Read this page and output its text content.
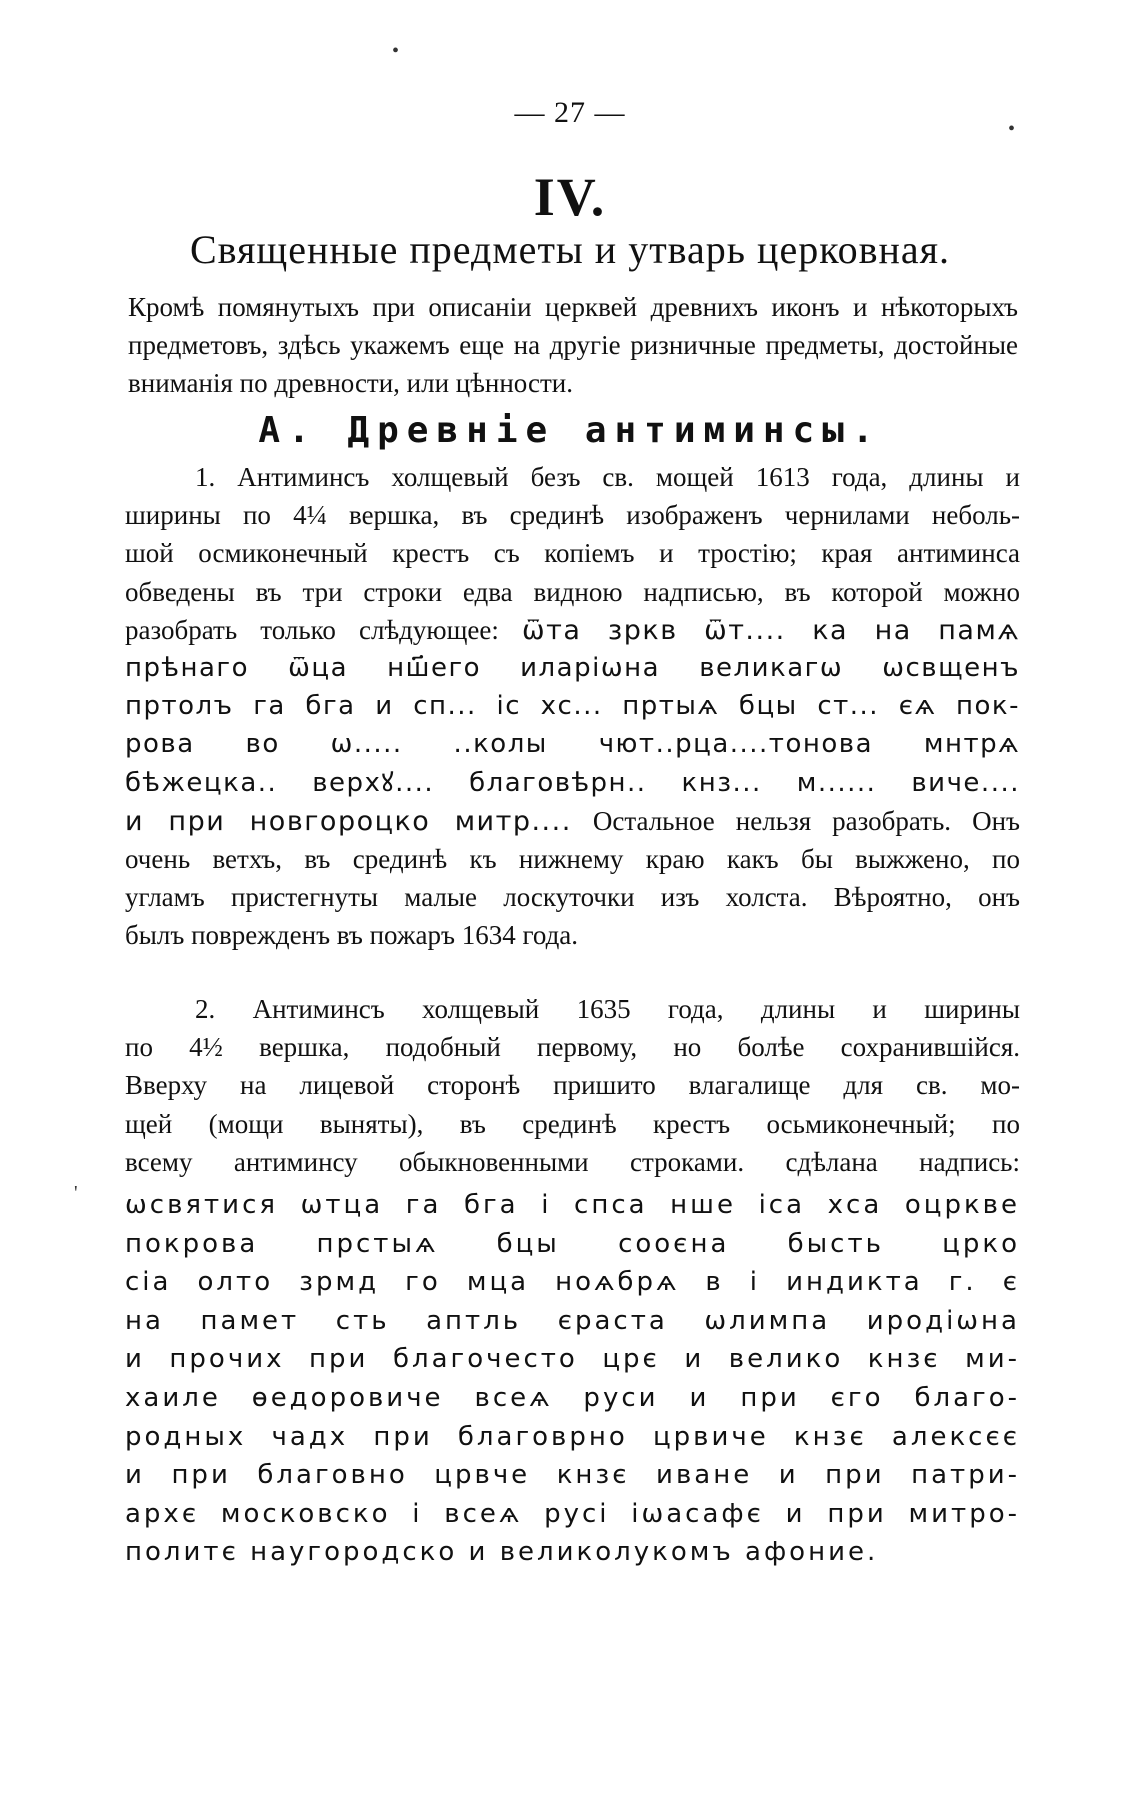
•
•
'
— 27 —
IV.
Священные предметы и утварь церковная.

Кромѣ помянутыхъ при описаніи церквей древнихъ иконъ и нѣкоторыхъ предметовъ, здѣсь укажемъ еще на другіе ризничные предметы, достойные вниманія по древности, или цѣнности.

А. Древніе антиминсы.
1. Антиминсъ холщевый безъ св. мощей 1613 года, длины и
ширины по 4¼ вершка, въ срединѣ изображенъ чернилами неболь-
шой осмиконечный крестъ съ копіемъ и тростію; края антиминса
обведены въ три строки едва видною надписью, въ которой можно
разобрать только слѣдующее: ѿта зркв ѿт.... ка на памѧ
прѣнаго ѿца нш҃его иларіѡна великагѡ ѡсвщенъ
пртолъ га бга и сп... іс хс... пртыѧ бцы ст... єѧ пок-
рова во ѡ..... ..колы чют..рца....тонова мнтрѧ
бѣжецка.. верхꙋ.... благовѣрн.. кнз... м...... виче....
и при новгороцко митр.... Остальное нельзя разобрать. Онъ
очень ветхъ, въ срединѣ къ нижнему краю какъ бы выжжено, по
угламъ пристегнуты малые лоскуточки изъ холста. Вѣроятно, онъ
былъ поврежденъ въ пожаръ 1634 года.
2. Антиминсъ холщевый 1635 года, длины и ширины
по 4½ вершка, подобный первому, но болѣе сохранившійся.
Вверху на лицевой сторонѣ пришито влагалище для св. мо-
щей (мощи выняты), въ срединѣ крестъ осьмиконечный; по
всему антиминсу обыкновенными строками. сдѣлана надпись:
ѡсвятися ѡтца га бга і спса нше іса хса оцркве
покрова прстыѧ бцы сооєна бысть црко
сіа олто зрмд го мца ноѧбрѧ в і индикта г. є
на памет сть аптль єраста ѡлимпа иродіѡна
и прочих при благочесто црє и велико кнзє ми-
хаиле ѳедоровиче всеѧ руси и при єго благо-
родных чадх при благоврно црвиче кнзє алексєє
и при благовно црвче кнзє иване и при патри-
архє московско і всеѧ русі іѡасафє и при митро-
политє наугородско и великолукомъ афоние.
